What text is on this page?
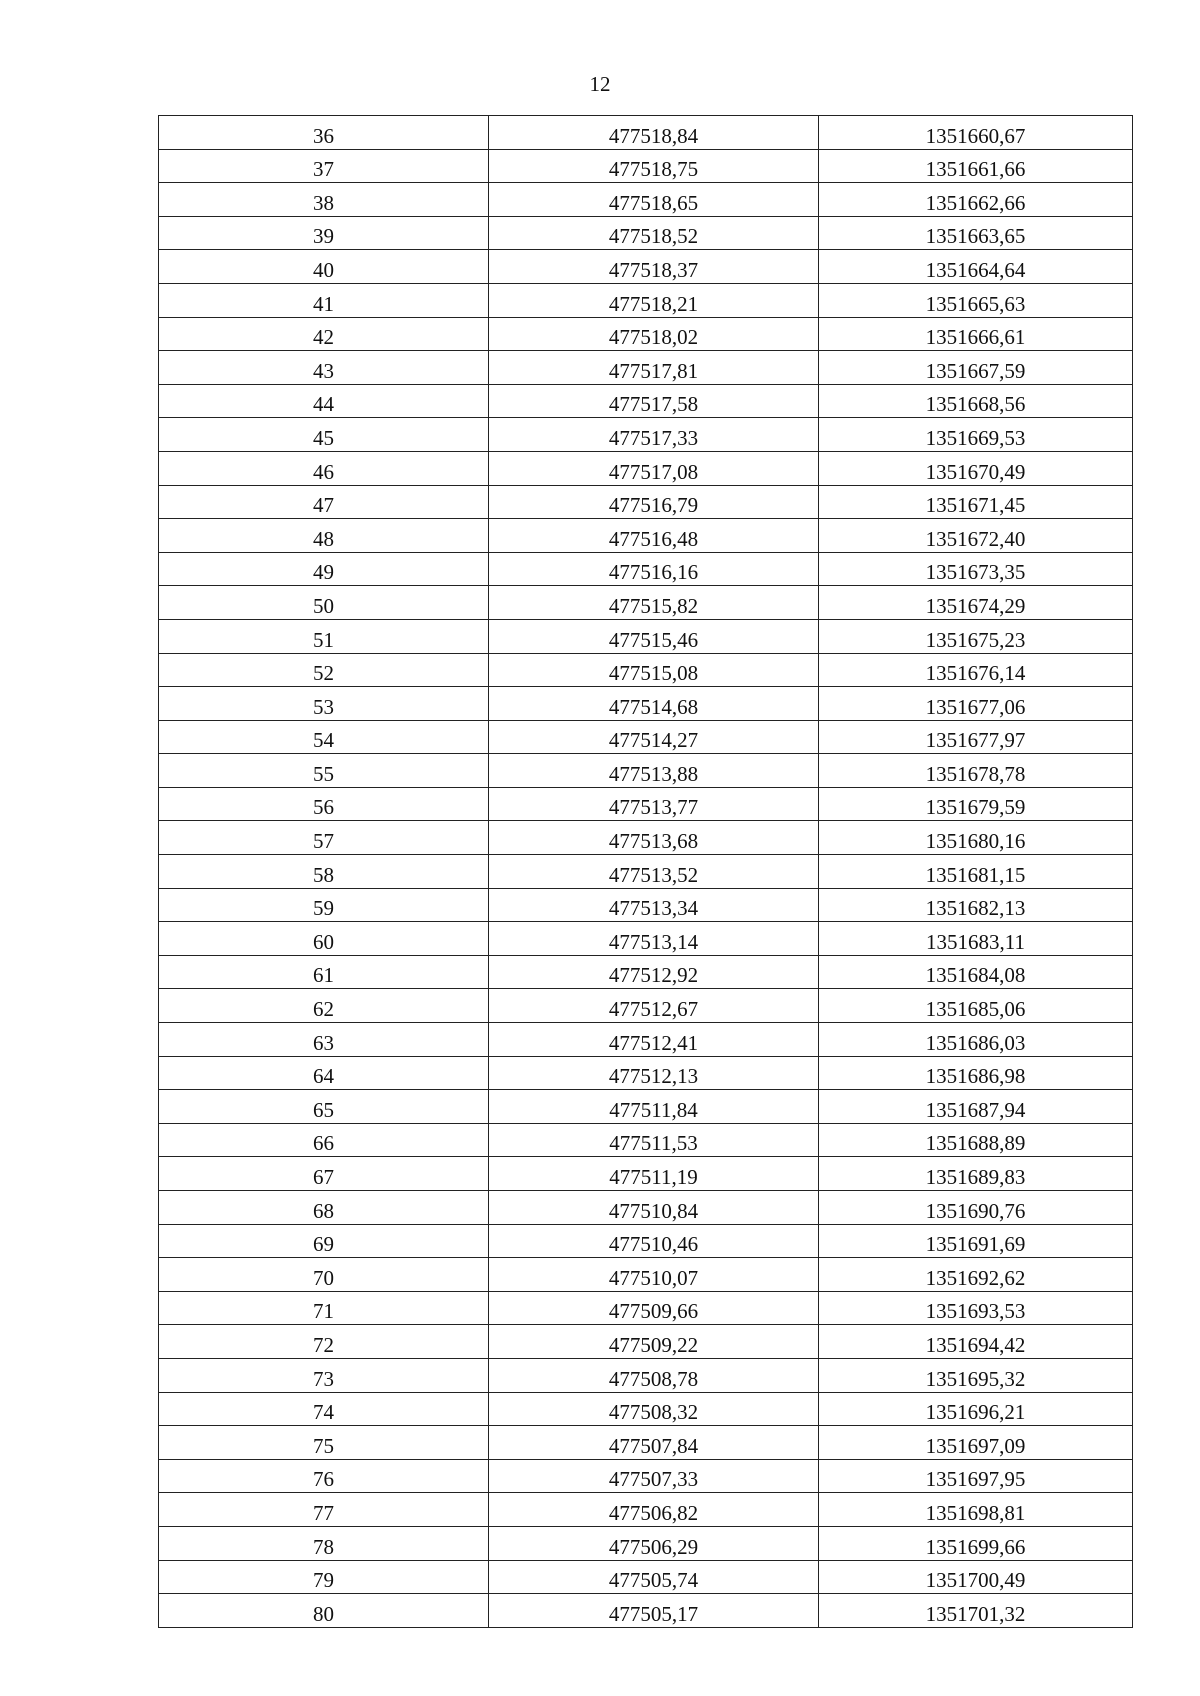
12
36	477518,84	1351660,67
37	477518,75	1351661,66
38	477518,65	1351662,66
39	477518,52	1351663,65
40	477518,37	1351664,64
41	477518,21	1351665,63
42	477518,02	1351666,61
43	477517,81	1351667,59
44	477517,58	1351668,56
45	477517,33	1351669,53
46	477517,08	1351670,49
47	477516,79	1351671,45
48	477516,48	1351672,40
49	477516,16	1351673,35
50	477515,82	1351674,29
51	477515,46	1351675,23
52	477515,08	1351676,14
53	477514,68	1351677,06
54	477514,27	1351677,97
55	477513,88	1351678,78
56	477513,77	1351679,59
57	477513,68	1351680,16
58	477513,52	1351681,15
59	477513,34	1351682,13
60	477513,14	1351683,11
61	477512,92	1351684,08
62	477512,67	1351685,06
63	477512,41	1351686,03
64	477512,13	1351686,98
65	477511,84	1351687,94
66	477511,53	1351688,89
67	477511,19	1351689,83
68	477510,84	1351690,76
69	477510,46	1351691,69
70	477510,07	1351692,62
71	477509,66	1351693,53
72	477509,22	1351694,42
73	477508,78	1351695,32
74	477508,32	1351696,21
75	477507,84	1351697,09
76	477507,33	1351697,95
77	477506,82	1351698,81
78	477506,29	1351699,66
79	477505,74	1351700,49
80	477505,17	1351701,32
